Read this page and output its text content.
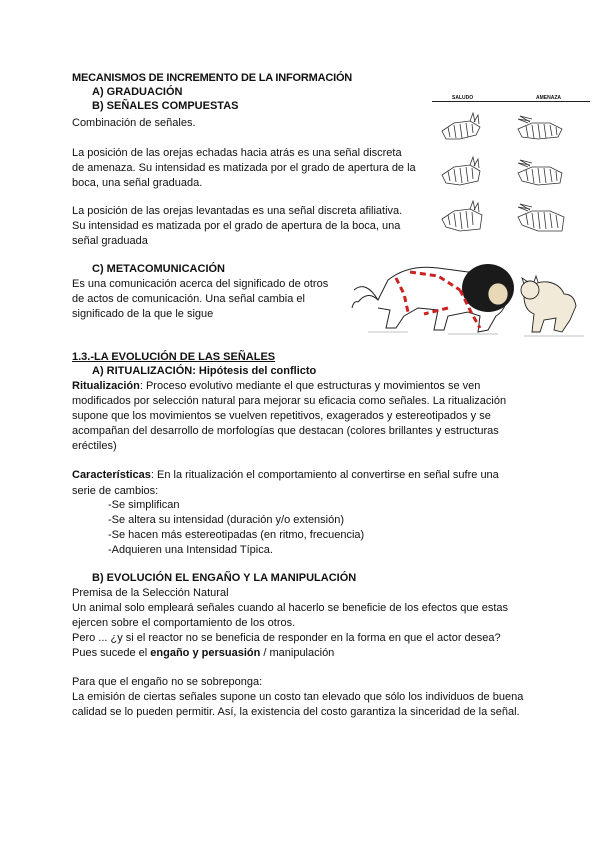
MECANISMOS DE INCREMENTO DE LA INFORMACIÓN
A) GRADUACIÓN
B) SEÑALES COMPUESTAS
Combinación de señales.
La posición de las orejas echadas hacia atrás es una señal discreta
de amenaza. Su intensidad es matizada por el grado de apertura de la
boca, una señal graduada.
La posición de las orejas levantadas es una señal discreta afiliativa.
Su intensidad es matizada por el grado de apertura de la boca, una
señal graduada
C) METACOMUNICACIÓN
Es una comunicación acerca del significado de otros
de actos de comunicación. Una señal cambia el
significado de la que le sigue
SALUDO	AMENAZA
1.3.-LA EVOLUCIÓN DE LAS SEÑALES
A) RITUALIZACIÓN: Hipótesis del conflicto
Ritualización: Proceso evolutivo mediante el que estructuras y movimientos se ven
modificados por selección natural para mejorar su eficacia como señales. La ritualización
supone que los movimientos se vuelven repetitivos, exagerados y estereotipados y se
acompañan del desarrollo de morfologías que destacan (colores brillantes y estructuras
eréctiles)
Características: En la ritualización el comportamiento al convertirse en señal sufre una
serie de cambios:
-Se simplifican
-Se altera su intensidad (duración y/o extensión)
-Se hacen más estereotipadas (en ritmo, frecuencia)
-Adquieren una Intensidad Típica.
B) EVOLUCIÓN EL ENGAÑO Y LA MANIPULACIÓN
Premisa de la Selección Natural
Un animal solo empleará señales cuando al hacerlo se beneficie de los efectos que estas
ejercen sobre el comportamiento de los otros.
Pero ... ¿y si el reactor no se beneficia de responder en la forma en que el actor desea?
Pues sucede el engaño y persuasión / manipulación
Para que el engaño no se sobreponga:
La emisión de ciertas señales supone un costo tan elevado que sólo los individuos de buena
calidad se lo pueden permitir. Así, la existencia del costo garantiza la sinceridad de la señal.
